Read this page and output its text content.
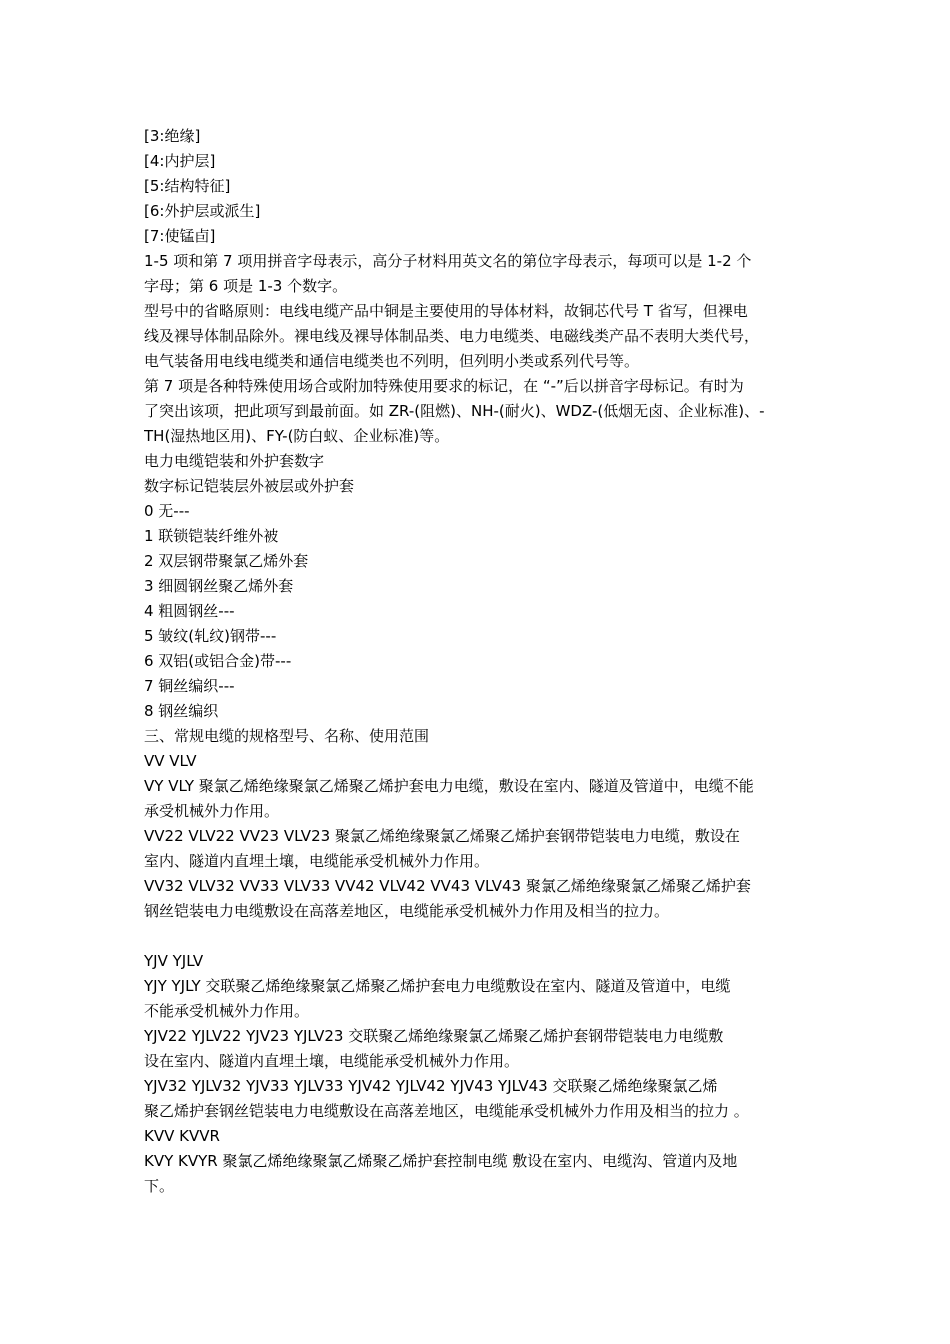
[3:绝缘]

[4:内护层]

[5:结构特征]

[6:外护层或派生]

[7:使锰卣]

1-5 项和第 7 项用拼音字母表示，高分子材料用英文名的第位字母表示，每项可以是 1-2 个

字母；第 6 项是 1-3 个数字。

型号中的省略原则：电线电缆产品中铜是主要使用的导体材料，故铜芯代号 T 省写，但裸电

线及裸导体制品除外。裸电线及裸导体制品类、电力电缆类、电磁线类产品不表明大类代号，

电气装备用电线电缆类和通信电缆类也不列明，但列明小类或系列代号等。

第 7 项是各种特殊使用场合或附加特殊使用要求的标记，在 “-”后以拼音字母标记。有时为

了突出该项，把此项写到最前面。如 ZR-(阻燃)、NH-(耐火)、WDZ-(低烟无卤、企业标准)、-

TH(湿热地区用)、FY-(防白蚁、企业标准)等。

电力电缆铠装和外护套数字

数字标记铠装层外被层或外护套

0 无---

1 联锁铠装纤维外被

2 双层钢带聚氯乙烯外套

3 细圆钢丝聚乙烯外套

4 粗圆钢丝---

5 皱纹(轧纹)钢带---

6 双铝(或铝合金)带---

7 铜丝编织---

8 钢丝编织

三、常规电缆的规格型号、名称、使用范围

VV VLV

VY VLY 聚氯乙烯绝缘聚氯乙烯聚乙烯护套电力电缆，敷设在室内、隧道及管道中，电缆不能

承受机械外力作用。

VV22 VLV22 VV23 VLV23 聚氯乙烯绝缘聚氯乙烯聚乙烯护套钢带铠装电力电缆，敷设在

室内、隧道内直埋土壤，电缆能承受机械外力作用。

VV32 VLV32 VV33 VLV33 VV42 VLV42 VV43 VLV43 聚氯乙烯绝缘聚氯乙烯聚乙烯护套

钢丝铠装电力电缆敷设在高落差地区，电缆能承受机械外力作用及相当的拉力。

YJV YJLV

YJY YJLY 交联聚乙烯绝缘聚氯乙烯聚乙烯护套电力电缆敷设在室内、隧道及管道中，电缆

不能承受机械外力作用。

YJV22 YJLV22 YJV23 YJLV23 交联聚乙烯绝缘聚氯乙烯聚乙烯护套钢带铠装电力电缆敷

设在室内、隧道内直埋土壤，电缆能承受机械外力作用。

YJV32 YJLV32 YJV33 YJLV33 YJV42 YJLV42 YJV43 YJLV43 交联聚乙烯绝缘聚氯乙烯

聚乙烯护套钢丝铠装电力电缆敷设在高落差地区，电缆能承受机械外力作用及相当的拉力 。

KVV KVVR

KVY KVYR 聚氯乙烯绝缘聚氯乙烯聚乙烯护套控制电缆 敷设在室内、电缆沟、管道内及地

下。
